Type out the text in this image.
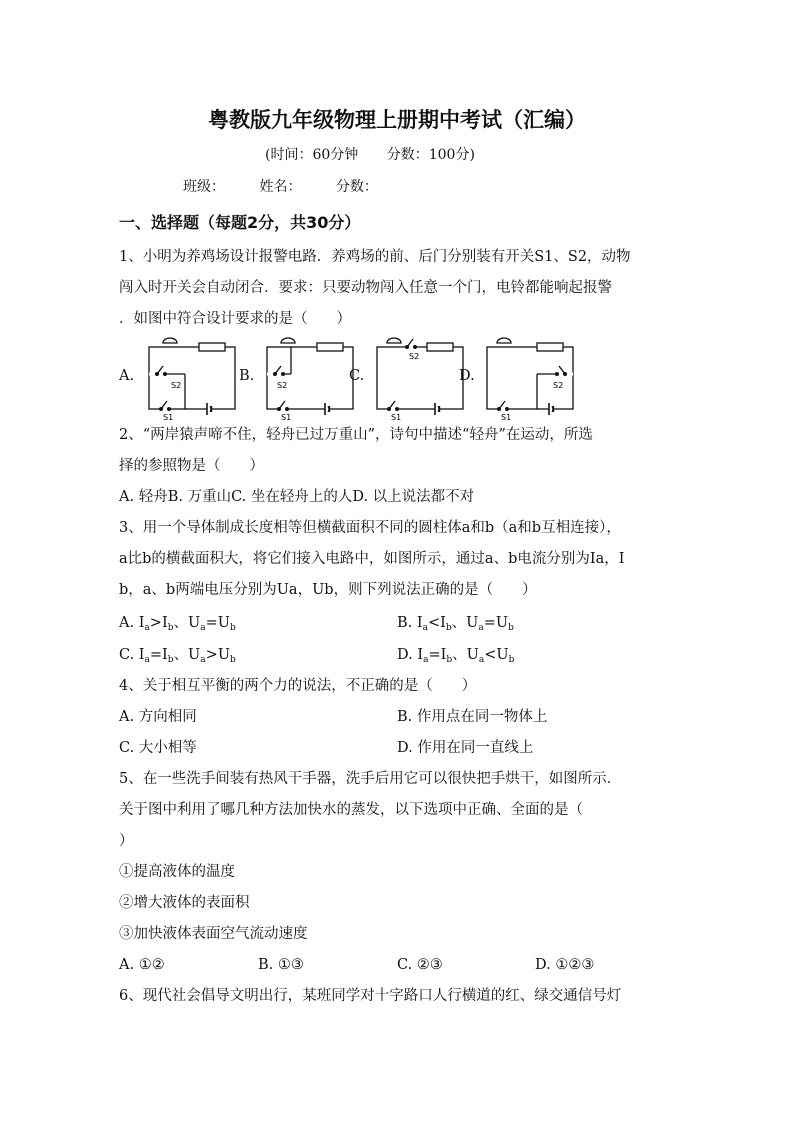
粤教版九年级物理上册期中考试（汇编）
(时间：60分钟 分数：100分)
班级： 姓名： 分数：
一、选择题（每题2分，共30分）
1、小明为养鸡场设计报警电路．养鸡场的前、后门分别装有开关S1、S2，动物
闯入时开关会自动闭合．要求：只要动物闯入任意一个门，电铃都能响起报警
．如图中符合设计要求的是（　　）
A.	B.	C.	D.
S2
S1
S2
S1
S2
S1
S2
S1
2、“两岸猿声啼不住，轻舟已过万重山”，诗句中描述“轻舟”在运动，所选
择的参照物是（　　）
A. 轻舟B. 万重山C. 坐在轻舟上的人D. 以上说法都不对
3、用一个导体制成长度相等但横截面积不同的圆柱体a和b（a和b互相连接），
a比b的横截面积大，将它们接入电路中，如图所示，通过a、b电流分别为Ia，I
b，a、b两端电压分别为Ua，Ub，则下列说法正确的是（　　）
A. $I_a>I_b$、$U_a=U_b$	B. $I_a<I_b$、$U_a=U_b$
C. $I_a=I_b$、$U_a>U_b$	D. $I_a=I_b$、$U_a<U_b$
4、关于相互平衡的两个力的说法，不正确的是（　　）
A. 方向相同	B. 作用点在同一物体上
C. 大小相等	D. 作用在同一直线上
5、在一些洗手间装有热风干手器，洗手后用它可以很快把手烘干，如图所示．
关于图中利用了哪几种方法加快水的蒸发，以下选项中正确、全面的是（
）
①提高液体的温度
②增大液体的表面积
③加快液体表面空气流动速度
A. ①②	B. ①③	C. ②③	D. ①②③
6、现代社会倡导文明出行，某班同学对十字路口人行横道的红、绿交通信号灯
